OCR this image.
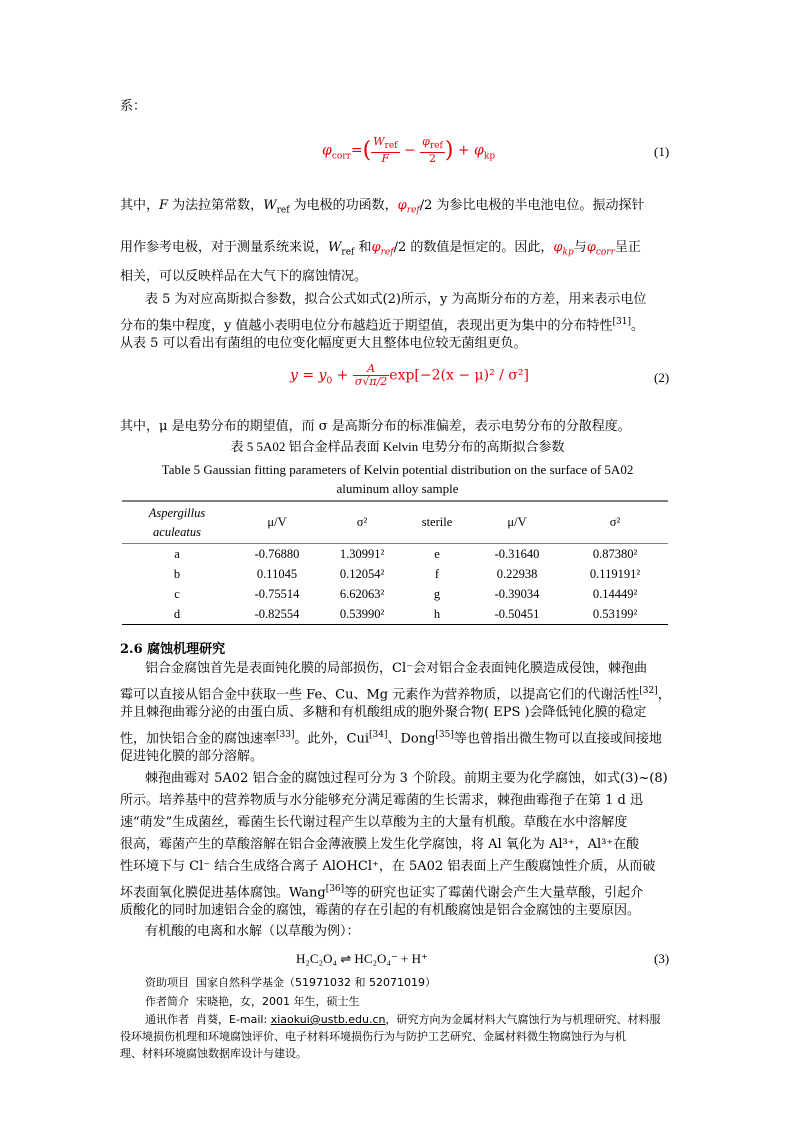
系：
$\varphi_{corr}=( \frac{W_{ref}}{F} - \frac{\varphi_{ref}}{2}$ ) + $\varphi_{kp}$	(1)
其中，F 为法拉第常数，$W_{ref}$ 为电极的功函数，$\varphi_{ref}/2$ 为参比电极的半电池电位。振动探针
用作参考电极，对于测量系统来说，$W_{ref}$ 和$\varphi_{ref}/2$ 的数值是恒定的。因此，$\varphi_{kp}$与$\varphi_{corr}$呈正
相关，可以反映样品在大气下的腐蚀情况。
表 5 为对应高斯拟合参数，拟合公式如式(2)所示，y 为高斯分布的方差，用来表示电位
分布的集中程度，y 值越小表明电位分布越趋近于期望值，表现出更为集中的分布特性[31]。
从表 5 可以看出有菌组的电位变化幅度更大且整体电位较无菌组更负。
$y = y_0 + \frac{A}{\sigma√\pi/2} \exp[-2(x - \mu)^2 / \sigma^2]$	(2)
其中，μ 是电势分布的期望值，而 σ 是高斯分布的标准偏差，表示电势分布的分散程度。
表 5 5A02 铝合金样品表面 Kelvin 电势分布的高斯拟合参数
Table 5 Gaussian fitting parameters of Kelvin potential distribution on the surface of 5A02
aluminum alloy sample
Aspergillus
aculeatus	μ/V	σ²	sterile	μ/V	σ²
a	-0.76880	1.30991²	e	-0.31640	0.87380²
b	0.11045	0.12054²	f	0.22938	0.119191²
c	-0.75514	6.62063²	g	-0.39034	0.14449²
d	-0.82554	0.53990²	h	-0.50451	0.53199²
2.6 腐蚀机理研究
铝合金腐蚀首先是表面钝化膜的局部损伤，Cl⁻会对铝合金表面钝化膜造成侵蚀，棘孢曲
霉可以直接从铝合金中获取一些 Fe、Cu、Mg 元素作为营养物质，以提高它们的代谢活性[32]，
并且棘孢曲霉分泌的由蛋白质、多糖和有机酸组成的胞外聚合物( EPS )会降低钝化膜的稳定
性，加快铝合金的腐蚀速率[33]。此外，Cui[34]、Dong[35]等也曾指出微生物可以直接或间接地
促进钝化膜的部分溶解。
棘孢曲霉对 5A02 铝合金的腐蚀过程可分为 3 个阶段。前期主要为化学腐蚀，如式(3)~(8)
所示。培养基中的营养物质与水分能够充分满足霉菌的生长需求，棘孢曲霉孢子在第 1 d 迅
速“萌发”生成菌丝，霉菌生长代谢过程产生以草酸为主的大量有机酸。草酸在水中溶解度
很高，霉菌产生的草酸溶解在铝合金薄液膜上发生化学腐蚀，将 Al 氧化为 Al³⁺，Al³⁺在酸
性环境下与 Cl⁻ 结合生成络合离子 AlOHCl⁺，在 5A02 铝表面上产生酸腐蚀性介质，从而破
坏表面氧化膜促进基体腐蚀。Wang[36]等的研究也证实了霉菌代谢会产生大量草酸，引起介
质酸化的同时加速铝合金的腐蚀，霉菌的存在引起的有机酸腐蚀是铝合金腐蚀的主要原因。
有机酸的电离和水解（以草酸为例）：
H₂C₂O₄ ⇌ HC₂O₄⁻ + H⁺	(3)
资助项目 国家自然科学基金（51971032 和 52071019）
作者简介 宋晓艳，女，2001 年生，硕士生
通讯作者 肖葵，E-mail: xiaokui@ustb.edu.cn，研究方向为金属材料大气腐蚀行为与机理研究、材料服
役环境损伤机理和环境腐蚀评价、电子材料环境损伤行为与防护工艺研究、金属材料微生物腐蚀行为与机
理、材料环境腐蚀数据库设计与建设。
